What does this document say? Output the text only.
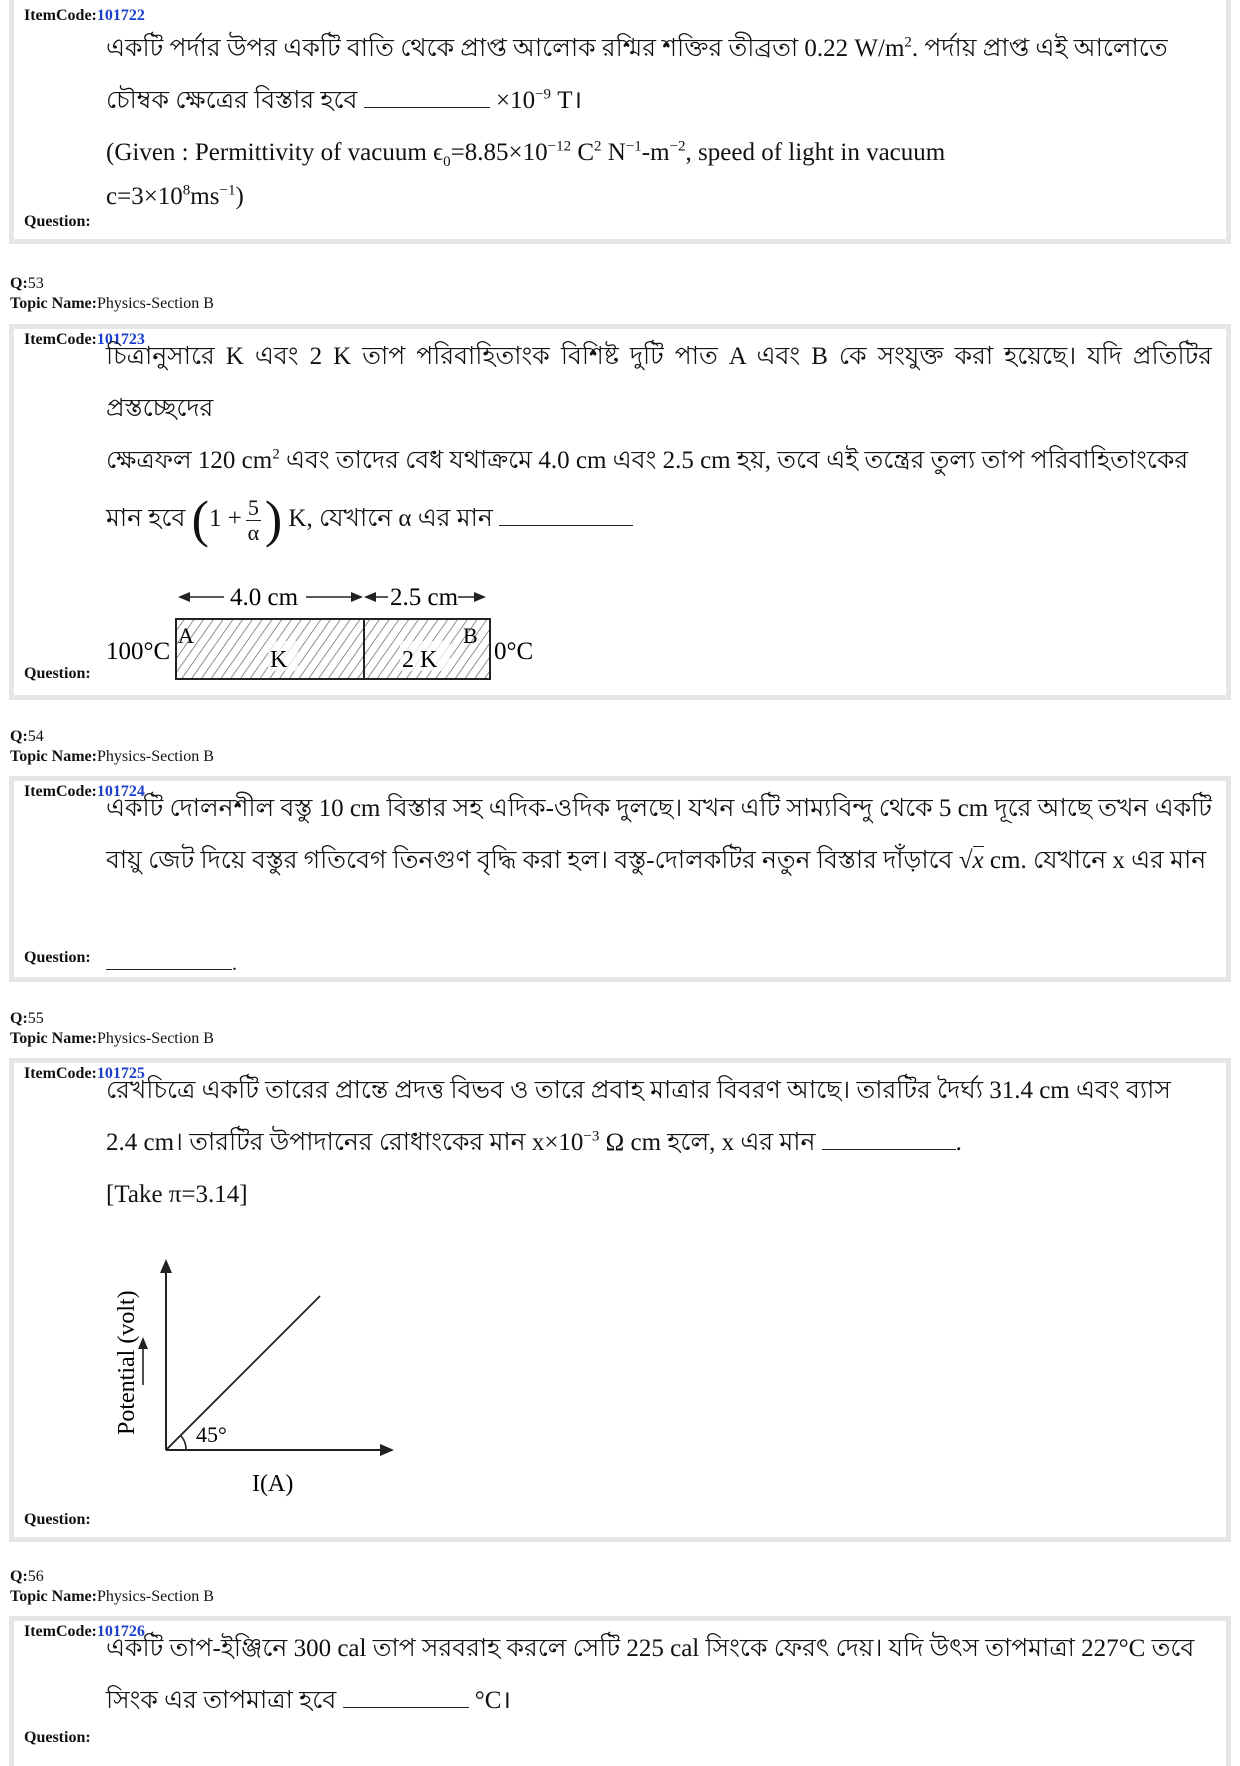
ItemCode:101722

একটি পর্দার উপর একটি বাতি থেকে প্রাপ্ত আলোক রশ্মির শক্তির তীব্রতা 0.22 $W/m^2$. পর্দায় প্রাপ্ত এই আলোতে

চৌম্বক ক্ষেত্রের বিস্তার হবে	$\times 10^{-9}$ T।

(Given : Permittivity of vacuum $\epsilon_0=8.85\times 10^{-12}$ $C^2$ $N^{-1}-m^{-2}$, speed of light in vacuum

$c=3\times 10^8ms^{-1}$)

Question:
Q:53
Topic Name:Physics-Section B
ItemCode:101723

চিত্রানুসারে K এবং 2 K তাপ পরিবাহিতাংক বিশিষ্ট দুটি পাত A এবং B কে সংযুক্ত করা হয়েছে। যদি প্রতিটির প্রস্তচ্ছেদের

ক্ষেত্রফল 120 $cm^2$ এবং তাদের বেধ যথাক্রমে 4.0 cm এবং 2.5 cm হয়, তবে এই তন্ত্রের তুল্য তাপ পরিবাহিতাংকের

মান হবে ($1 + \frac{5}{\alpha}$ ) K, যেখানে α এর মান

4.0 cm	2.5 cm
100°C
A
K	2 K
B
0°C
Question:
Q:54
Topic Name:Physics-Section B
ItemCode:101724

একটি দোলনশীল বস্তু 10 cm বিস্তার সহ এদিক-ওদিক দুলছে। যখন এটি সাম্যবিন্দু থেকে 5 cm দূরে আছে তখন একটি

বায়ু জেট দিয়ে বস্তুর গতিবেগ তিনগুণ বৃদ্ধি করা হল। বস্তু-দোলকটির নতুন বিস্তার দাঁড়াবে √x cm. যেখানে x এর মান

Question:	.
Q:55
Topic Name:Physics-Section B
ItemCode:101725

রেখচিত্রে একটি তারের প্রান্তে প্রদত্ত বিভব ও তারে প্রবাহ মাত্রার বিবরণ আছে। তারটির দৈর্ঘ্য 31.4 cm এবং ব্যাস

2.4 cm। তারটির উপাদানের রোধাংকের মান $x\times 10^{-3}$ Ω cm হলে, x এর মান	.

[Take π=3.14]

45°
Potential (volt)
I(A)
Question:
Q:56
Topic Name:Physics-Section B
ItemCode:101726

একটি তাপ-ইঞ্জিনে 300 cal তাপ সরবরাহ করলে সেটি 225 cal সিংকে ফেরৎ দেয়। যদি উৎস তাপমাত্রা 227°C তবে

সিংক এর তাপমাত্রা হবে	°C।

Question:
